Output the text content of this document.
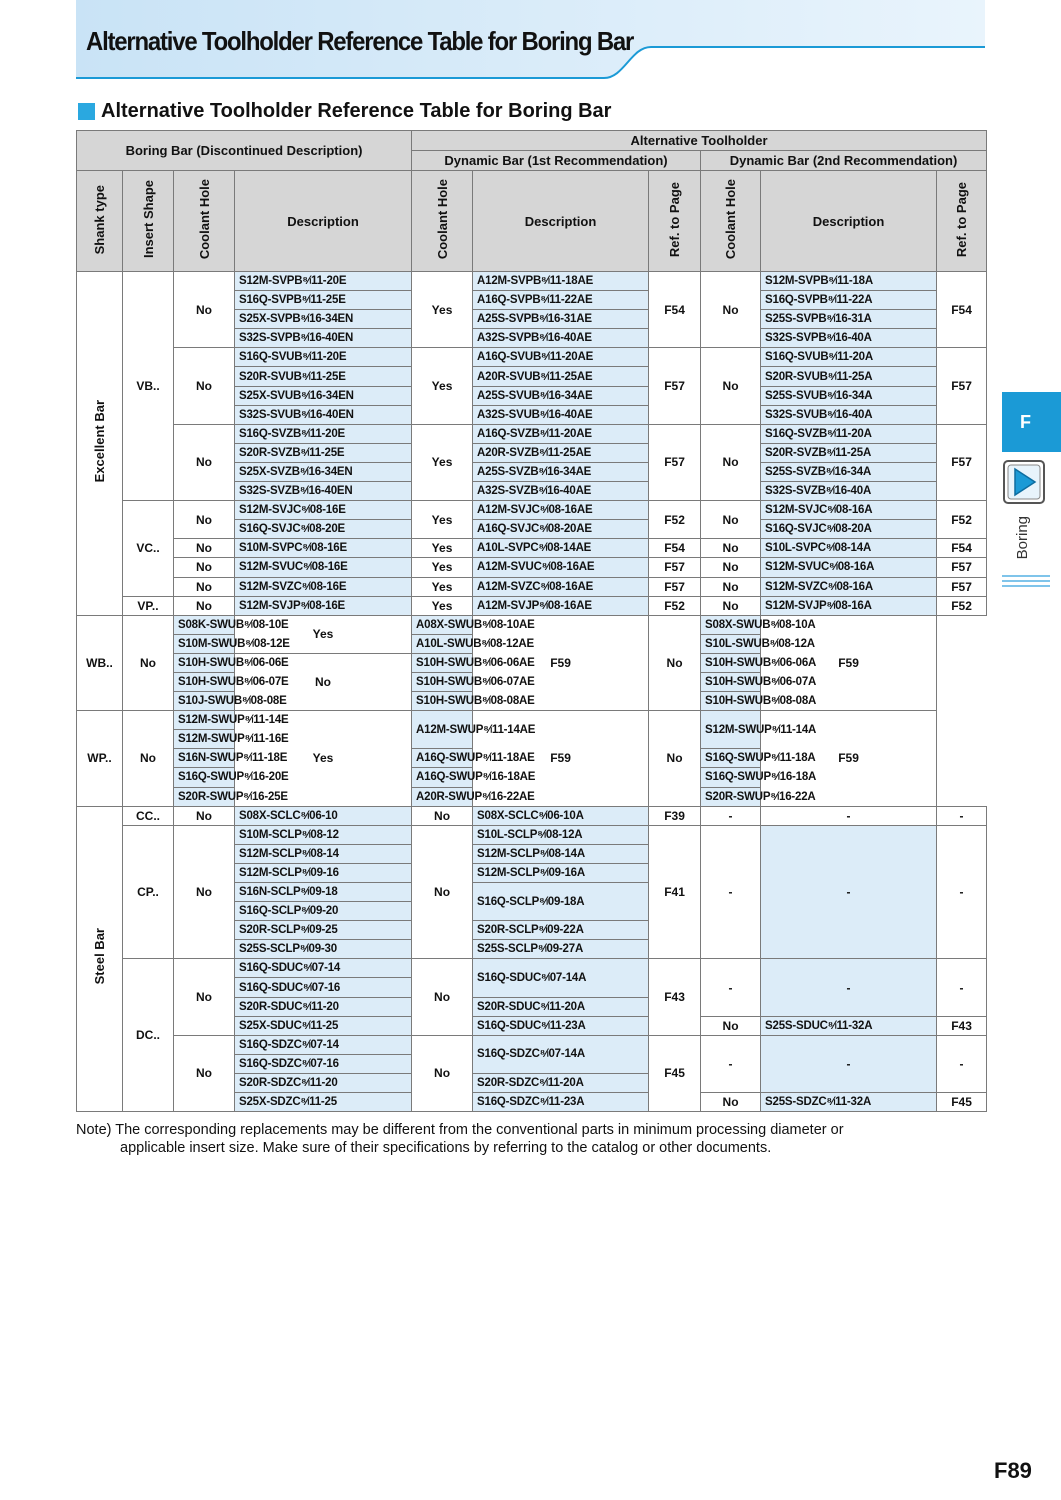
Alternative Toolholder Reference Table for Boring Bar
Alternative Toolholder Reference Table for Boring Bar
Boring Bar (Discontinued Description)				Alternative Toolholder					
				Dynamic Bar (1st Recommendation)			Dynamic Bar (2nd Recommendation)		
Shank type	Insert Shape	Coolant Hole	Description	Coolant Hole	Description	Ref. to Page	Coolant Hole	Description	Ref. to Page
Excellent Bar	VB..	No	S12M-SVPB⁸⁄ₗ11-20E	Yes	A12M-SVPB⁸⁄ₗ11-18AE	F54	No	S12M-SVPB⁸⁄ₗ11-18A	F54
			S16Q-SVPB⁸⁄ₗ11-25E		A16Q-SVPB⁸⁄ₗ11-22AE			S16Q-SVPB⁸⁄ₗ11-22A	
			S25X-SVPB⁸⁄ₗ16-34EN		A25S-SVPB⁸⁄ₗ16-31AE			S25S-SVPB⁸⁄ₗ16-31A	
			S32S-SVPB⁸⁄ₗ16-40EN		A32S-SVPB⁸⁄ₗ16-40AE			S32S-SVPB⁸⁄ₗ16-40A	
		No	S16Q-SVUB⁸⁄ₗ11-20E	Yes	A16Q-SVUB⁸⁄ₗ11-20AE	F57	No	S16Q-SVUB⁸⁄ₗ11-20A	F57
			S20R-SVUB⁸⁄ₗ11-25E		A20R-SVUB⁸⁄ₗ11-25AE			S20R-SVUB⁸⁄ₗ11-25A	
			S25X-SVUB⁸⁄ₗ16-34EN		A25S-SVUB⁸⁄ₗ16-34AE			S25S-SVUB⁸⁄ₗ16-34A	
			S32S-SVUB⁸⁄ₗ16-40EN		A32S-SVUB⁸⁄ₗ16-40AE			S32S-SVUB⁸⁄ₗ16-40A	
		No	S16Q-SVZB⁸⁄ₗ11-20E	Yes	A16Q-SVZB⁸⁄ₗ11-20AE	F57	No	S16Q-SVZB⁸⁄ₗ11-20A	F57
			S20R-SVZB⁸⁄ₗ11-25E		A20R-SVZB⁸⁄ₗ11-25AE			S20R-SVZB⁸⁄ₗ11-25A	
			S25X-SVZB⁸⁄ₗ16-34EN		A25S-SVZB⁸⁄ₗ16-34AE			S25S-SVZB⁸⁄ₗ16-34A	
			S32S-SVZB⁸⁄ₗ16-40EN		A32S-SVZB⁸⁄ₗ16-40AE			S32S-SVZB⁸⁄ₗ16-40A	
	VC..	No	S12M-SVJC⁸⁄ₗ08-16E	Yes	A12M-SVJC⁸⁄ₗ08-16AE	F52	No	S12M-SVJC⁸⁄ₗ08-16A	F52
			S16Q-SVJC⁸⁄ₗ08-20E		A16Q-SVJC⁸⁄ₗ08-20AE			S16Q-SVJC⁸⁄ₗ08-20A	
		No	S10M-SVPC⁸⁄ₗ08-16E	Yes	A10L-SVPC⁸⁄ₗ08-14AE	F54	No	S10L-SVPC⁸⁄ₗ08-14A	F54
		No	S12M-SVUC⁸⁄ₗ08-16E	Yes	A12M-SVUC⁸⁄ₗ08-16AE	F57	No	S12M-SVUC⁸⁄ₗ08-16A	F57
		No	S12M-SVZC⁸⁄ₗ08-16E	Yes	A12M-SVZC⁸⁄ₗ08-16AE	F57	No	S12M-SVZC⁸⁄ₗ08-16A	F57
	VP..	No	S12M-SVJP⁸⁄ₗ08-16E	Yes	A12M-SVJP⁸⁄ₗ08-16AE	F52	No	S12M-SVJP⁸⁄ₗ08-16A	F52
WB..	No	S08K-SWUB⁸⁄ₗ08-10E	Yes	A08X-SWUB⁸⁄ₗ08-10AE	F59	No	S08X-SWUB⁸⁄ₗ08-10A	F59	
		S10M-SWUB⁸⁄ₗ08-12E		A10L-SWUB⁸⁄ₗ08-12AE			S10L-SWUB⁸⁄ₗ08-12A		
		S10H-SWUB⁸⁄ₗ06-06E	No	S10H-SWUB⁸⁄ₗ06-06AE			S10H-SWUB⁸⁄ₗ06-06A		
		S10H-SWUB⁸⁄ₗ06-07E		S10H-SWUB⁸⁄ₗ06-07AE			S10H-SWUB⁸⁄ₗ06-07A		
		S10J-SWUB⁸⁄ₗ08-08E		S10H-SWUB⁸⁄ₗ08-08AE			S10H-SWUB⁸⁄ₗ08-08A		
WP..	No	S12M-SWUP⁸⁄ₗ11-14E	Yes	A12M-SWUP⁸⁄ₗ11-14AE	F59	No	S12M-SWUP⁸⁄ₗ11-14A	F59	
		S12M-SWUP⁸⁄ₗ11-16E							
		S16N-SWUP⁸⁄ₗ11-18E		A16Q-SWUP⁸⁄ₗ11-18AE			S16Q-SWUP⁸⁄ₗ11-18A		
		S16Q-SWUP⁸⁄ₗ16-20E		A16Q-SWUP⁸⁄ₗ16-18AE			S16Q-SWUP⁸⁄ₗ16-18A		
		S20R-SWUP⁸⁄ₗ16-25E		A20R-SWUP⁸⁄ₗ16-22AE			S20R-SWUP⁸⁄ₗ16-22A		
Steel Bar	CC..	No	S08X-SCLC⁸⁄ₗ06-10	No	S08X-SCLC⁸⁄ₗ06-10A	F39	-	-	-
	CP..	No	S10M-SCLP⁸⁄ₗ08-12	No	S10L-SCLP⁸⁄ₗ08-12A	F41	-	-	-
			S12M-SCLP⁸⁄ₗ08-14		S12M-SCLP⁸⁄ₗ08-14A				
			S12M-SCLP⁸⁄ₗ09-16		S12M-SCLP⁸⁄ₗ09-16A				
			S16N-SCLP⁸⁄ₗ09-18		S16Q-SCLP⁸⁄ₗ09-18A				
			S16Q-SCLP⁸⁄ₗ09-20						
			S20R-SCLP⁸⁄ₗ09-25		S20R-SCLP⁸⁄ₗ09-22A				
			S25S-SCLP⁸⁄ₗ09-30		S25S-SCLP⁸⁄ₗ09-27A				
	DC..	No	S16Q-SDUC⁸⁄ₗ07-14	No	S16Q-SDUC⁸⁄ₗ07-14A	F43	-	-	-
			S16Q-SDUC⁸⁄ₗ07-16						
			S20R-SDUC⁸⁄ₗ11-20		S20R-SDUC⁸⁄ₗ11-20A				
			S25X-SDUC⁸⁄ₗ11-25		S16Q-SDUC⁸⁄ₗ11-23A		No	S25S-SDUC⁸⁄ₗ11-32A	F43
		No	S16Q-SDZC⁸⁄ₗ07-14	No	S16Q-SDZC⁸⁄ₗ07-14A	F45	-	-	-
			S16Q-SDZC⁸⁄ₗ07-16						
			S20R-SDZC⁸⁄ₗ11-20		S20R-SDZC⁸⁄ₗ11-20A				
			S25X-SDZC⁸⁄ₗ11-25		S16Q-SDZC⁸⁄ₗ11-23A		No	S25S-SDZC⁸⁄ₗ11-32A	F45
Note) The corresponding replacements may be different from the conventional parts in minimum processing diameter or
applicable insert size. Make sure of their specifications by referring to the catalog or other documents.
F
Boring
F89
